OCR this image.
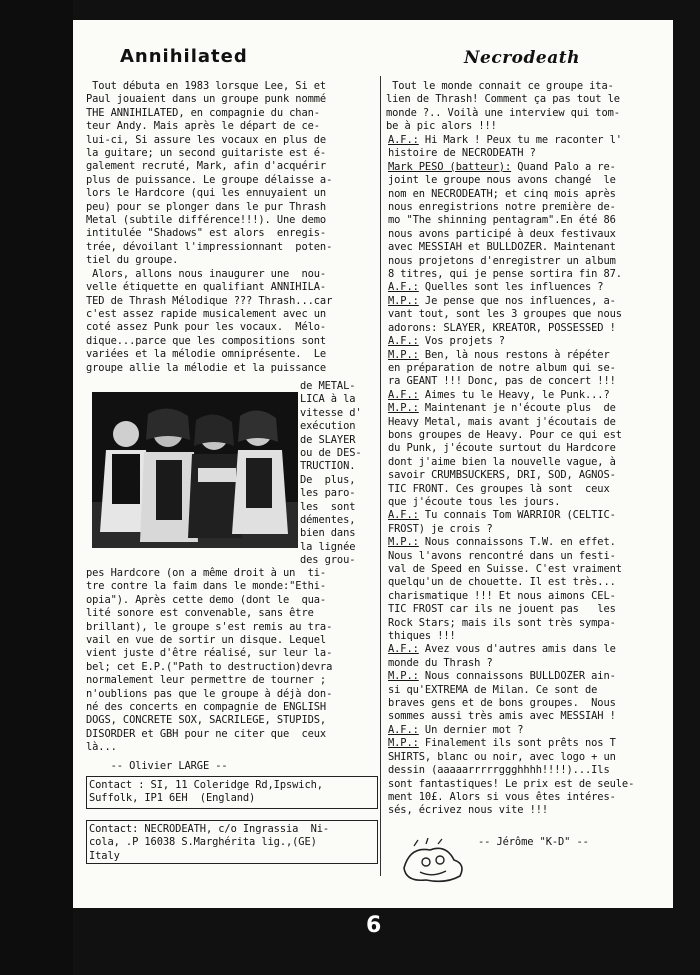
Annihilated
Tout débuta en 1983 lorsque Lee, Si et
Paul jouaient dans un groupe punk nommé
THE ANNIHILATED, en compagnie du chan-
teur Andy. Mais après le départ de ce-
lui-ci, Si assure les vocaux en plus de
la guitare; un second guitariste est é-
galement recruté, Mark, afin d'acquérir
plus de puissance. Le groupe délaisse a-
lors le Hardcore (qui les ennuyaient un
peu) pour se plonger dans le pur Thrash
Metal (subtile différence!!!). Une demo
intitulée "Shadows" est alors  enregis-
trée, dévoilant l'impressionnant  poten-
tiel du groupe.
Alors, allons nous inaugurer une  nou-
velle étiquette en qualifiant ANNIHILA-
TED de Thrash Mélodique ??? Thrash...car
c'est assez rapide musicalement avec un
coté assez Punk pour les vocaux.  Mélo-
dique...parce que les compositions sont
variées et la mélodie omniprésente.  Le
groupe allie la mélodie et la puissance
de METAL-
LICA à la
vitesse d'
exécution
de SLAYER
ou de DES-
TRUCTION.
De  plus,
les paro-
les  sont
démentes,
bien dans
la lignée
des grou-
pes Hardcore (on a même droit à un  ti-
tre contre la faim dans le monde:"Ethi-
opia"). Après cette demo (dont le  qua-
lité sonore est convenable, sans être
brillant), le groupe s'est remis au tra-
vail en vue de sortir un disque. Lequel
vient juste d'être réalisé, sur leur la-
bel; cet E.P.("Path to destruction)devra
normalement leur permettre de tourner ;
n'oublions pas que le groupe à déjà don-
né des concerts en compagnie de ENGLISH
DOGS, CONCRETE SOX, SACRILEGE, STUPIDS,
DISORDER et GBH pour ne citer que  ceux
là...
-- Olivier LARGE --
Contact : SI, 11 Coleridge Rd,Ipswich,
Suffolk, IP1 6EH  (England)
Contact: NECRODEATH, c/o Ingrassia  Ni-
cola, .P 16038 S.Marghérita lig.,(GE)
Italy
Necrodeath
Tout le monde connait ce groupe ita-
lien de Thrash! Comment ça pas tout le
monde ?.. Voilà une interview qui tom-
be à pic alors !!!
A.F.: Hi Mark ! Peux tu me raconter l'
histoire de NECRODEATH ?
Mark PESO (batteur): Quand Palo a re-
joint le groupe nous avons changé  le
nom en NECRODEATH; et cinq mois après
nous enregistrions notre première de-
mo "The shinning pentagram".En été 86
nous avons participé à deux festivaux
avec MESSIAH et BULLDOZER. Maintenant
nous projetons d'enregistrer un album
8 titres, qui je pense sortira fin 87.
A.F.: Quelles sont les influences ?
M.P.: Je pense que nos influences, a-
vant tout, sont les 3 groupes que nous
adorons: SLAYER, KREATOR, POSSESSED !
A.F.: Vos projets ?
M.P.: Ben, là nous restons à répéter
en préparation de notre album qui se-
ra GEANT !!! Donc, pas de concert !!!
A.F.: Aimes tu le Heavy, le Punk...?
M.P.: Maintenant je n'écoute plus  de
Heavy Metal, mais avant j'écoutais de
bons groupes de Heavy. Pour ce qui est
du Punk, j'écoute surtout du Hardcore
dont j'aime bien la nouvelle vague, à
savoir CRUMBSUCKERS, DRI, SOD, AGNOS-
TIC FRONT. Ces groupes là sont  ceux
que j'écoute tous les jours.
A.F.: Tu connais Tom WARRIOR (CELTIC-
FROST) je crois ?
M.P.: Nous connaissons T.W. en effet.
Nous l'avons rencontré dans un festi-
val de Speed en Suisse. C'est vraiment
quelqu'un de chouette. Il est très...
charismatique !!! Et nous aimons CEL-
TIC FROST car ils ne jouent pas   les
Rock Stars; mais ils sont très sympa-
thiques !!!
A.F.: Avez vous d'autres amis dans le
monde du Thrash ?
M.P.: Nous connaissons BULLDOZER ain-
si qu'EXTREMA de Milan. Ce sont de
braves gens et de bons groupes.  Nous
sommes aussi très amis avec MESSIAH !
A.F.: Un dernier mot ?
M.P.: Finalement ils sont prêts nos T
SHIRTS, blanc ou noir, avec logo + un
dessin (aaaaarrrrrggghhhh!!!!)...Ils
sont fantastiques! Le prix est de seule-
ment 10£. Alors si vous êtes intéres-
sés, écrivez nous vite !!!
-- Jérôme "K-D" --
6
